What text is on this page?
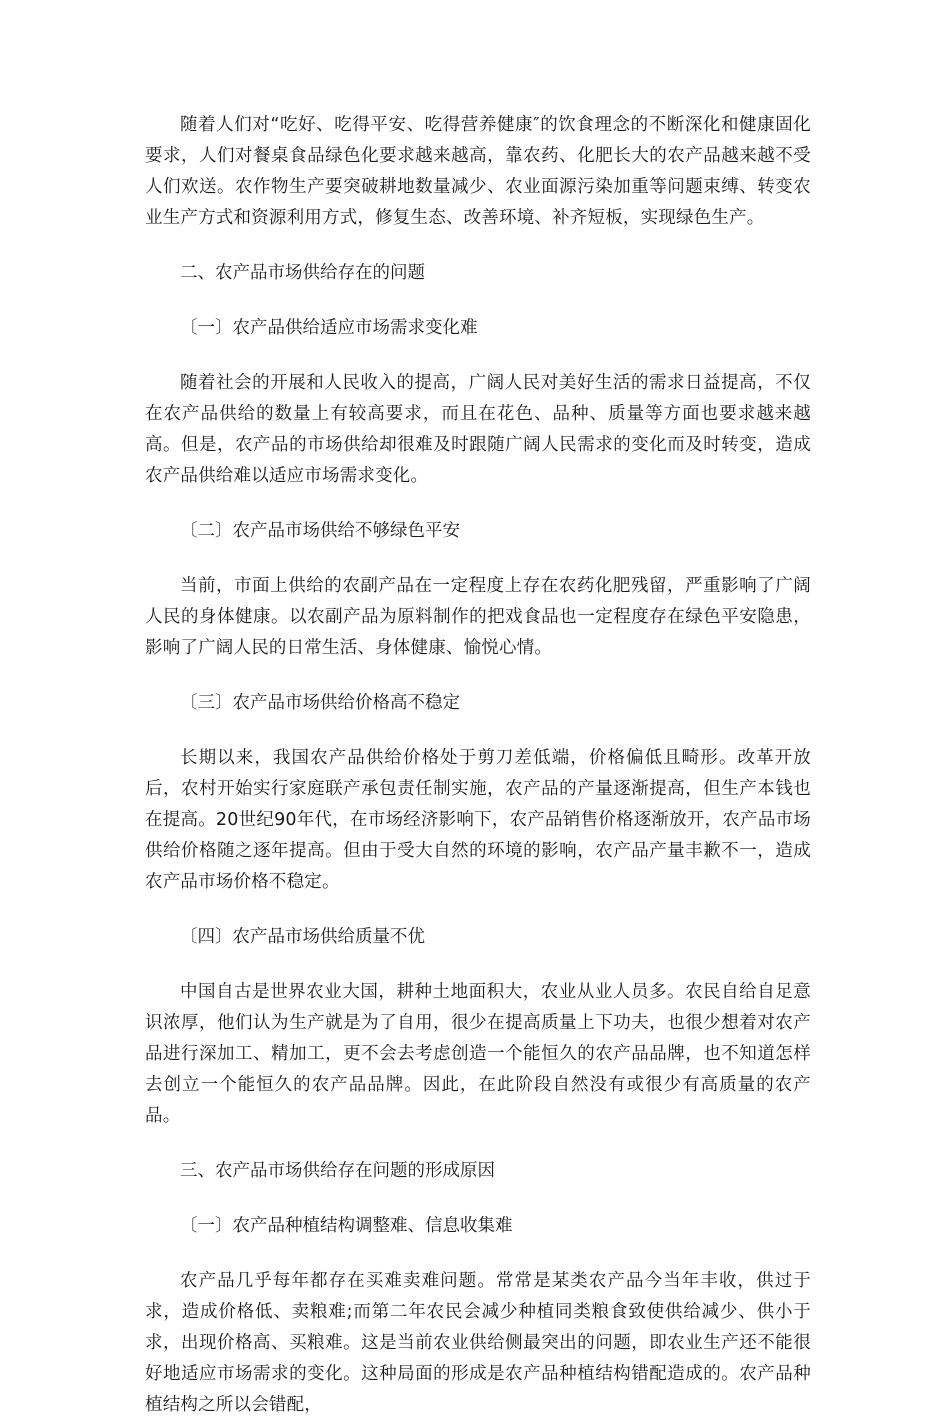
随着人们对“吃好、吃得平安、吃得营养健康″的饮食理念的不断深化和健康固化要求，人们对餐桌食品绿色化要求越来越高，靠农药、化肥长大的农产品越来越不受人们欢送。农作物生产要突破耕地数量减少、农业面源污染加重等问题束缚、转变农业生产方式和资源利用方式，修复生态、改善环境、补齐短板，实现绿色生产。

二、农产品市场供给存在的问题

〔一〕农产品供给适应市场需求变化难

随着社会的开展和人民收入的提高，广阔人民对美好生活的需求日益提高，不仅在农产品供给的数量上有较高要求，而且在花色、品种、质量等方面也要求越来越高。但是，农产品的市场供给却很难及时跟随广阔人民需求的变化而及时转变，造成农产品供给难以适应市场需求变化。

〔二〕农产品市场供给不够绿色平安

当前，市面上供给的农副产品在一定程度上存在农药化肥残留，严重影响了广阔人民的身体健康。以农副产品为原料制作的把戏食品也一定程度存在绿色平安隐患，影响了广阔人民的日常生活、身体健康、愉悦心情。

〔三〕农产品市场供给价格高不稳定

长期以来，我国农产品供给价格处于剪刀差低端，价格偏低且畸形。改革开放后，农村开始实行家庭联产承包责任制实施，农产品的产量逐渐提高，但生产本钱也在提高。20世纪90年代，在市场经济影响下，农产品销售价格逐渐放开，农产品市场供给价格随之逐年提高。但由于受大自然的环境的影响，农产品产量丰歉不一，造成农产品市场价格不稳定。

〔四〕农产品市场供给质量不优

中国自古是世界农业大国，耕种土地面积大，农业从业人员多。农民自给自足意识浓厚，他们认为生产就是为了自用，很少在提高质量上下功夫，也很少想着对农产品进行深加工、精加工，更不会去考虑创造一个能恒久的农产品品牌，也不知道怎样去创立一个能恒久的农产品品牌。因此，在此阶段自然没有或很少有高质量的农产品。

三、农产品市场供给存在问题的形成原因

〔一〕农产品种植结构调整难、信息收集难

农产品几乎每年都存在买难卖难问题。常常是某类农产品今当年丰收，供过于求，造成价格低、卖粮难;而第二年农民会减少种植同类粮食致使供给减少、供小于求，出现价格高、买粮难。这是当前农业供给侧最突出的问题，即农业生产还不能很好地适应市场需求的变化。这种局面的形成是农产品种植结构错配造成的。农产品种植结构之所以会错配，
